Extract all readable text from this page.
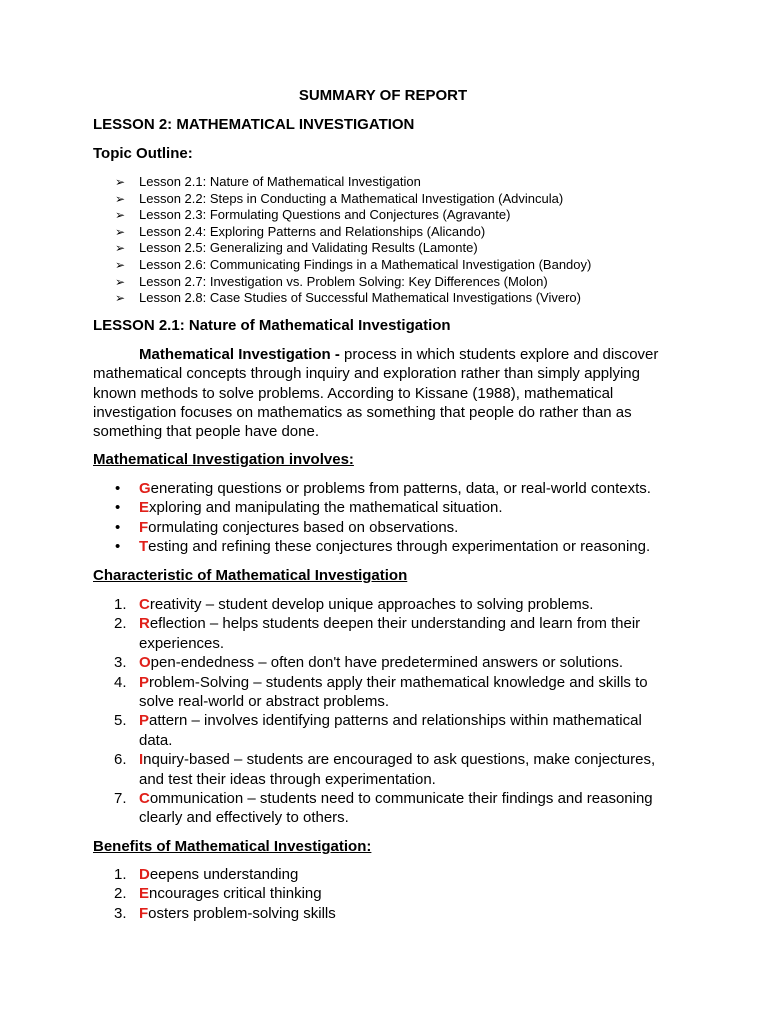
SUMMARY OF REPORT
LESSON 2: MATHEMATICAL INVESTIGATION
Topic Outline:
➢	Lesson 2.1: Nature of Mathematical Investigation
➢	Lesson 2.2: Steps in Conducting a Mathematical Investigation (Advincula)
➢	Lesson 2.3: Formulating Questions and Conjectures (Agravante)
➢	Lesson 2.4: Exploring Patterns and Relationships (Alicando)
➢	Lesson 2.5: Generalizing and Validating Results (Lamonte)
➢	Lesson 2.6: Communicating Findings in a Mathematical Investigation (Bandoy)
➢	Lesson 2.7: Investigation vs. Problem Solving: Key Differences (Molon)
➢	Lesson 2.8: Case Studies of Successful Mathematical Investigations (Vivero)
LESSON 2.1: Nature of Mathematical Investigation
Mathematical Investigation - process in which students explore and discover mathematical concepts through inquiry and exploration rather than simply applying known methods to solve problems. According to Kissane (1988), mathematical investigation focuses on mathematics as something that people do rather than as something that people have done.
Mathematical Investigation involves:
•	G enerating questions or problems from patterns, data, or real-world contexts.
•	E xploring and manipulating the mathematical situation.
•	F ormulating conjectures based on observations.
•	T esting and refining these conjectures through experimentation or reasoning.
Characteristic of Mathematical Investigation
1. Creativity – student develop unique approaches to solving problems.
2. Reflection – helps students deepen their understanding and learn from their experiences.
3. Open-endedness – often don't have predetermined answers or solutions.
4. Problem-Solving – students apply their mathematical knowledge and skills to solve real-world or abstract problems.
5. Pattern – involves identifying patterns and relationships within mathematical data.
6. Inquiry-based – students are encouraged to ask questions, make conjectures, and test their ideas through experimentation.
7. Communication – students need to communicate their findings and reasoning clearly and effectively to others.
Benefits of Mathematical Investigation:
1. Deepens understanding
2. Encourages critical thinking
3. Fosters problem-solving skills
